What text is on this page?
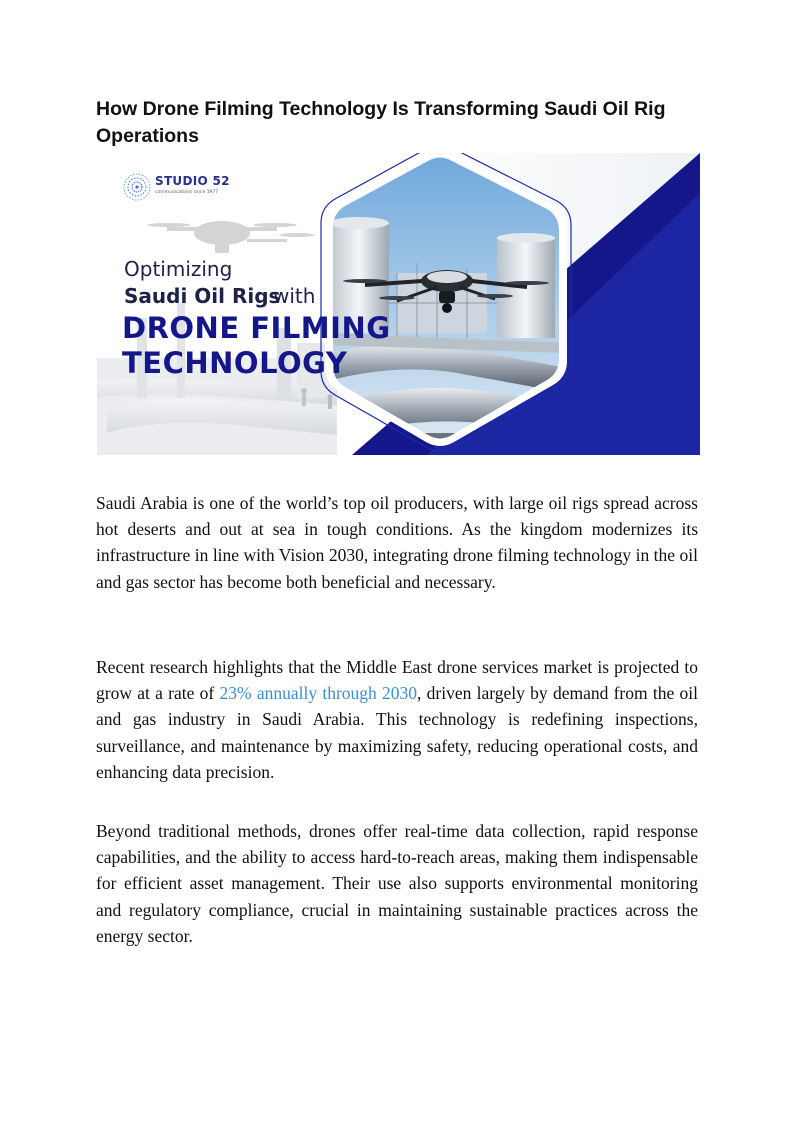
How Drone Filming Technology Is Transforming Saudi Oil Rig Operations
STUDIO 52
communications since 1977
Optimizing
Saudi Oil Rigs
with
DRONE FILMING
TECHNOLOGY

Saudi Arabia is one of the world’s top oil producers, with large oil rigs spread across hot deserts and out at sea in tough conditions. As the kingdom modernizes its infrastructure in line with Vision 2030, integrating drone filming technology in the oil and gas sector has become both beneficial and necessary.

Recent research highlights that the Middle East drone services market is projected to grow at a rate of 23% annually through 2030, driven largely by demand from the oil and gas industry in Saudi Arabia. This technology is redefining inspections, surveillance, and maintenance by maximizing safety, reducing operational costs, and enhancing data precision.

Beyond traditional methods, drones offer real-time data collection, rapid response capabilities, and the ability to access hard-to-reach areas, making them indispensable for efficient asset management. Their use also supports environmental monitoring and regulatory compliance, crucial in maintaining sustainable practices across the energy sector.
